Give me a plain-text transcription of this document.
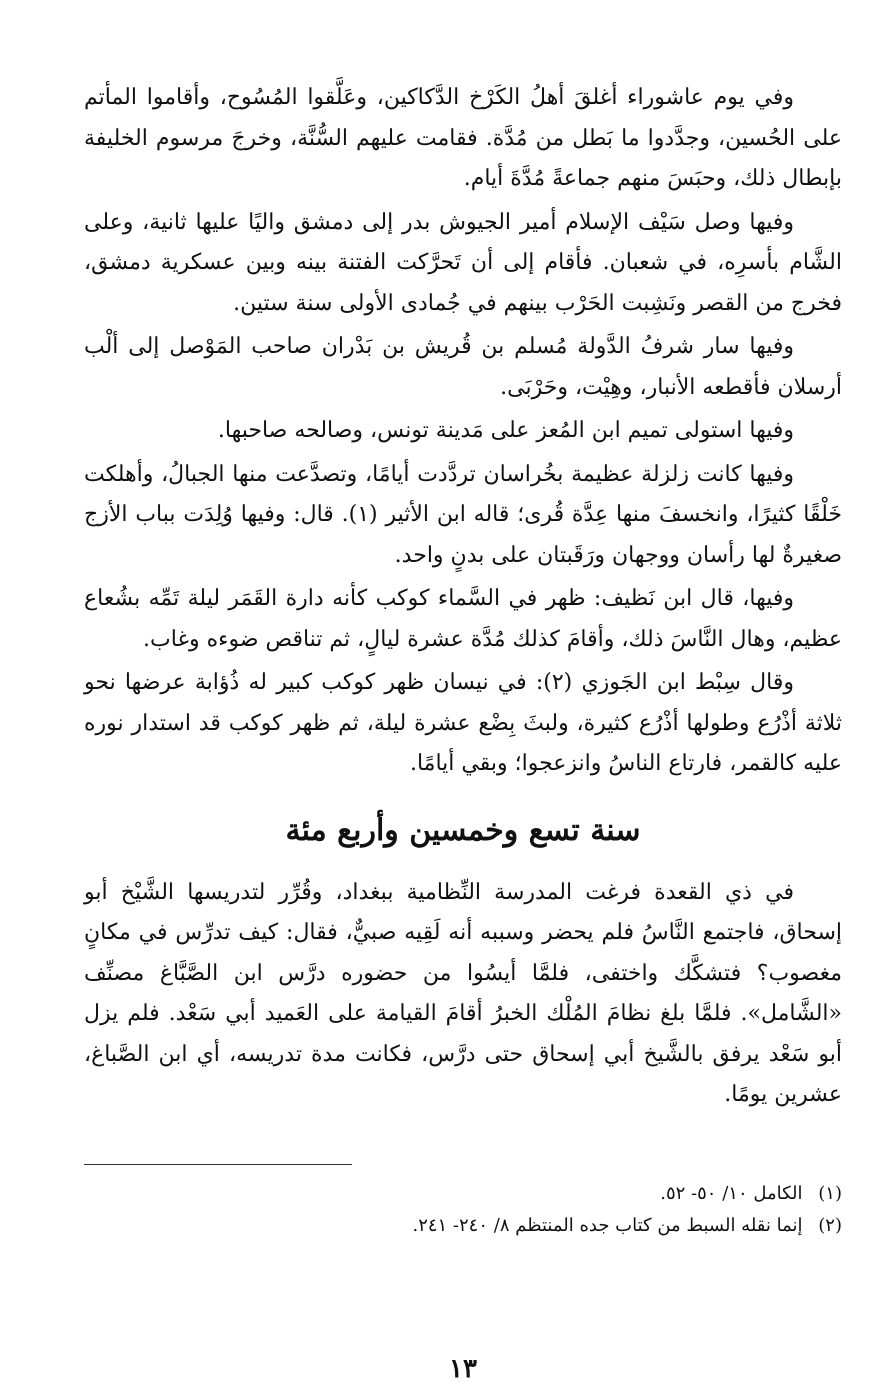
وفي يوم عاشوراء أغلقَ أهلُ الكَرْخ الدَّكاكين، وعَلَّقوا المُسُوح، وأقاموا المأتم على الحُسين، وجدَّدوا ما بَطل من مُدَّة. فقامت عليهم السُّنَّة، وخرجَ مرسوم الخليفة بإبطال ذلك، وحبَسَ منهم جماعةً مُدَّةَ أيام.

وفيها وصل سَيْف الإسلام أمير الجيوش بدر إلى دمشق واليًا عليها ثانية، وعلى الشَّام بأسرِه، في شعبان. فأقام إلى أن تَحرَّكت الفتنة بينه وبين عسكرية دمشق، فخرج من القصر ونَشِبت الحَرْب بينهم في جُمادى الأولى سنة ستين.

وفيها سار شرفُ الدَّولة مُسلم بن قُريش بن بَدْران صاحب المَوْصل إلى ألْب أرسلان فأقطعه الأنبار، وهِيْت، وحَرْبَى.

وفيها استولى تميم ابن المُعز على مَدينة تونس، وصالحه صاحبها.

وفيها كانت زلزلة عظيمة بخُراسان تردَّدت أيامًا، وتصدَّعت منها الجبالُ، وأهلكت خَلْقًا كثيرًا، وانخسفَ منها عِدَّة قُرى؛ قاله ابن الأثير (١). قال: وفيها وُلِدَت بباب الأزج صغيرةٌ لها رأسان ووجهان ورَقَبتان على بدنٍ واحد.

وفيها، قال ابن نَظيف: ظهر في السَّماء كوكب كأنه دارة القَمَر ليلة تَمِّه بشُعاع عظيم، وهال النَّاسَ ذلك، وأقامَ كذلك مُدَّة عشرة ليالٍ، ثم تناقص ضوءه وغاب.

وقال سِبْط ابن الجَوزي (٢): في نيسان ظهر كوكب كبير له ذُؤابة عرضها نحو ثلاثة أذْرُع وطولها أذْرُع كثيرة، ولبثَ بِضْع عشرة ليلة، ثم ظهر كوكب قد استدار نوره عليه كالقمر، فارتاع الناسُ وانزعجوا؛ وبقي أيامًا.

سنة تسع وخمسين وأربع مئة

في ذي القعدة فرغت المدرسة النِّظامية ببغداد، وقُرِّر لتدريسها الشَّيْخ أبو إسحاق، فاجتمع النَّاسُ فلم يحضر وسببه أنه لَقِيه صبيٌّ، فقال: كيف تدرِّس في مكانٍ مغصوب؟ فتشكَّك واختفى، فلمَّا أيسُوا من حضوره درَّس ابن الصَّبَّاغ مصنِّف «الشَّامل». فلمَّا بلغ نظامَ المُلْك الخبرُ أقامَ القيامة على العَميد أبي سَعْد. فلم يزل أبو سَعْد يرفق بالشَّيخ أبي إسحاق حتى درَّس، فكانت مدة تدريسه، أي ابن الصَّباغ، عشرين يومًا.

(١) الكامل ١٠/ ٥٠- ٥٢.

(٢) إنما نقله السبط من كتاب جده المنتظم ٨/ ٢٤٠- ٢٤١.

١٣
